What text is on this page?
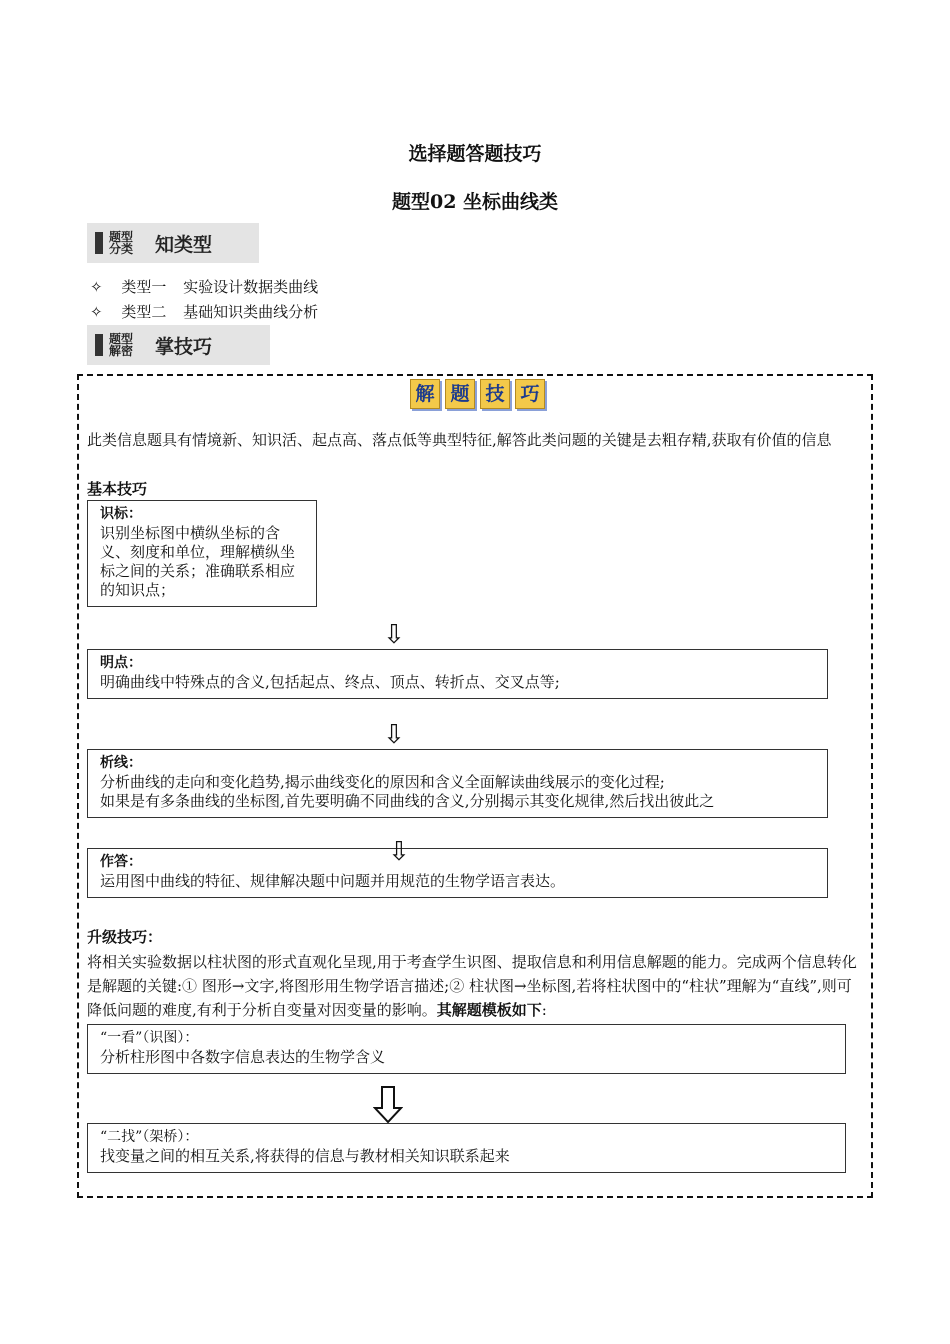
选择题答题技巧
题型02 坐标曲线类
题型分类 知类型
✧ 类型一 实验设计数据类曲线
✧ 类型二 基础知识类曲线分析
题型解密 掌技巧
解 题 技 巧
此类信息题具有情境新、知识活、起点高、落点低等典型特征,解答此类问题的关键是去粗存精,获取有价值的信息
基本技巧
识标：
识别坐标图中横纵坐标的含义、刻度和单位，理解横纵坐标之间的关系；准确联系相应的知识点；
⇩
明点：
明确曲线中特殊点的含义,包括起点、终点、顶点、转折点、交叉点等;
⇩
析线：
分析曲线的走向和变化趋势,揭示曲线变化的原因和含义全面解读曲线展示的变化过程;
如果是有多条曲线的坐标图,首先要明确不同曲线的含义,分别揭示其变化规律,然后找出彼此之
作答：
运用图中曲线的特征、规律解决题中问题并用规范的生物学语言表达。
⇩
升级技巧：
将相关实验数据以柱状图的形式直观化呈现,用于考查学生识图、提取信息和利用信息解题的能力。完成两个信息转化是解题的关键:① 图形→文字,将图形用生物学语言描述;② 柱状图→坐标图,若将柱状图中的“柱状”理解为“直线”,则可降低问题的难度,有利于分析自变量对因变量的影响。其解题模板如下:
“一看”（识图）：
分析柱形图中各数字信息表达的生物学含义
“二找”（架桥）：
找变量之间的相互关系,将获得的信息与教材相关知识联系起来
